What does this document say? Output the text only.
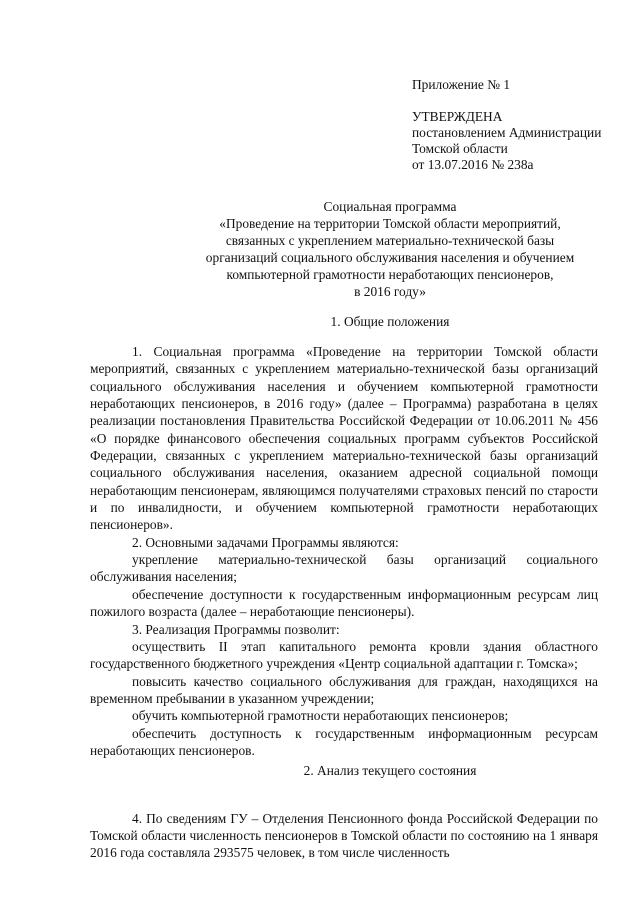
Приложение № 1
УТВЕРЖДЕНА
постановлением Администрации
Томской области
от 13.07.2016 № 238а
Социальная программа
«Проведение на территории Томской области мероприятий,
связанных с укреплением материально-технической базы
организаций социального обслуживания населения и обучением
компьютерной грамотности неработающих пенсионеров,
в 2016 году»
1. Общие положения

1. Социальная программа «Проведение на территории Томской области мероприятий, связанных с укреплением материально-технической базы организаций социального обслуживания населения и обучением компьютерной грамотности неработающих пенсионеров, в 2016 году» (далее – Программа) разработана в целях реализации постановления Правительства Российской Федерации от 10.06.2011 № 456 «О порядке финансового обеспечения социальных программ субъектов Российской Федерации, связанных с укреплением материально-технической базы организаций социального обслуживания населения, оказанием адресной социальной помощи неработающим пенсионерам, являющимся получателями страховых пенсий по старости и по инвалидности, и обучением компьютерной грамотности неработающих пенсионеров».

2. Основными задачами Программы являются:

укрепление материально-технической базы организаций социального обслуживания населения;

обеспечение доступности к государственным информационным ресурсам лиц пожилого возраста (далее – неработающие пенсионеры).

3. Реализация Программы позволит:

осуществить II этап капитального ремонта кровли здания областного государственного бюджетного учреждения «Центр социальной адаптации г. Томска»;

повысить качество социального обслуживания для граждан, находящихся на временном пребывании в указанном учреждении;

обучить компьютерной грамотности неработающих пенсионеров;

обеспечить доступность к государственным информационным ресурсам неработающих пенсионеров.

2. Анализ текущего состояния

4. По сведениям ГУ – Отделения Пенсионного фонда Российской Федерации по Томской области численность пенсионеров в Томской области по состоянию на 1 января 2016 года составляла 293575 человек, в том числе численность
